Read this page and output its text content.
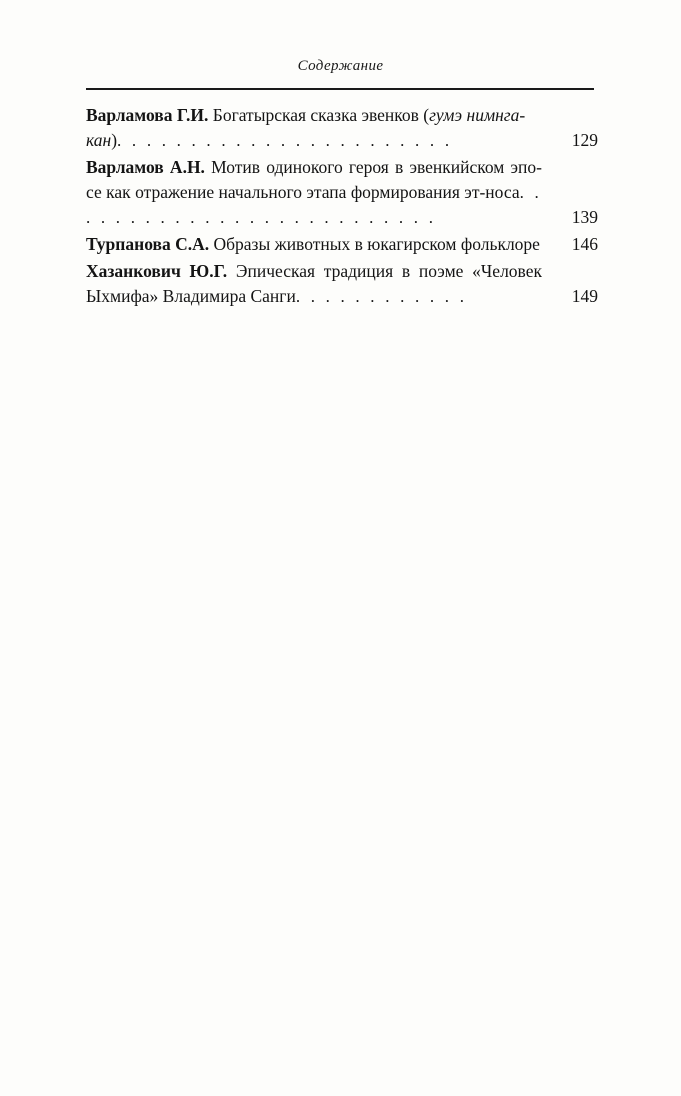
Содержание
Варламова Г.И. Богатырская сказка эвенков (гумэ нимнга-
кан). . . . . . . . . . . . . . . . . . . . . . .	129
Варламов А.Н. Мотив одинокого героя в эвенкийском эпо-се как отражение начального этапа формирования эт-носа. . . . . . . . . . . . . . . . . . . . . . . . . .	139
Турпанова С.А. Образы животных в юкагирском фольклоре	146
Хазанкович Ю.Г. Эпическая традиция в поэме «Человек Ыхмифа» Владимира Санги. . . . . . . . . . . .	149
